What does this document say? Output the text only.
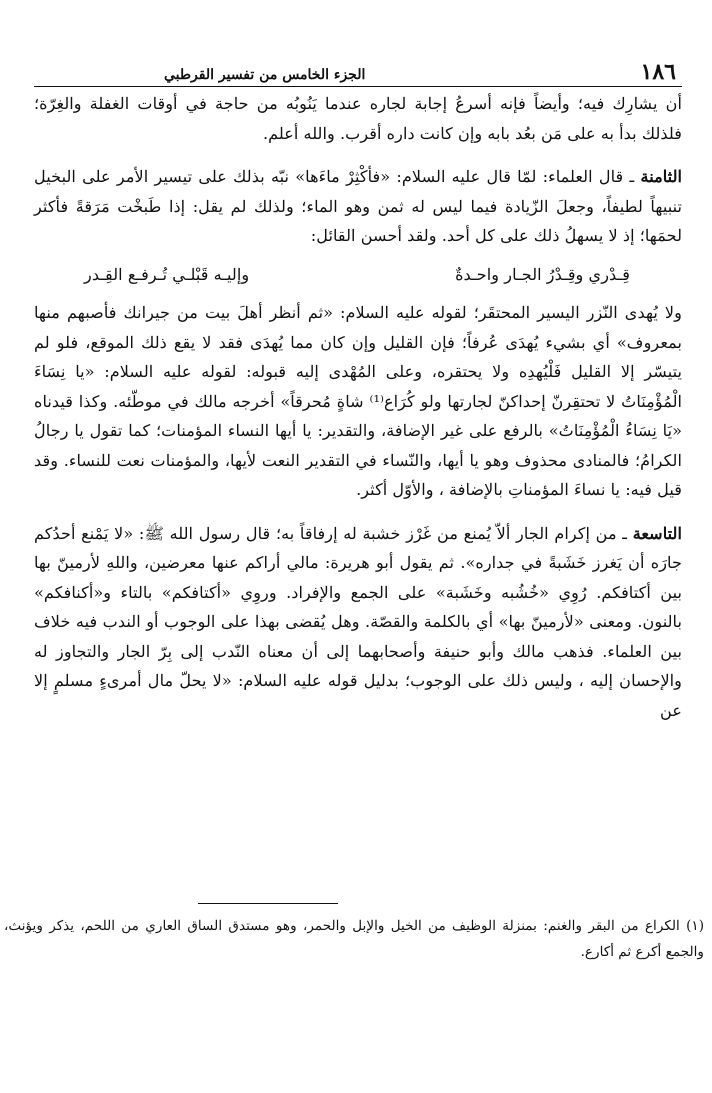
١٨٦
الجزء الخامس من تفسير القرطبي

أن يشارِك فيه؛ وأيضاً فإنه أسرعُ إجابة لجاره عندما يَنُوبُه من حاجة في أوقات الغفلة والغِرّة؛ فلذلك بدأ به على مَن بعُد بابه وإن كانت داره أقرب. والله أعلم.

الثامنة ـ قال العلماء: لمّا قال عليه السلام: «فأكْثِرْ ماءَها» نبّه بذلك على تيسير الأمر على البخيل تنبيهاً لطيفاً، وجعلَ الزّيادة فيما ليس له ثمن وهو الماء؛ ولذلك لم يقل: إذا طَبخْت مَرَقةً فأكثر لحمَها؛ إذ لا يسهلُ ذلك على كل أحد. ولقد أحسن القائل:

قِـدْري وقِـدْرُ الجـار واحـدةٌ
وإليـه قَبْلـي تُـرفـع القِـدر

ولا يُهدى النّزر اليسير المحتقَر؛ لقوله عليه السلام: «ثم أنظر أهلَ بيت من جيرانك فأصبهم منها بمعروف» أي بشيء يُهدَى عُرفاً؛ فإن القليل وإن كان مما يُهدَى فقد لا يقع ذلك الموقع، فلو لم يتيسّر إلا القليل فَلْيُهدِه ولا يحتقره، وعلى المُهْدى إليه قبوله: لقوله عليه السلام: «يا نِسَاءَ الْمُؤْمِنَاتُ لا تحتقِرنّ إحداكنّ لجارتها ولو كُرَاع⁽¹⁾ شاةٍ مُحرقاً» أخرجه مالك في موطّئه. وكذا قيدناه «يَا نِسَاءُ الْمُؤْمِنَاتُ» بالرفع على غير الإضافة، والتقدير: يا أيها النساء المؤمنات؛ كما تقول يا رجالُ الكرامُ؛ فالمنادى محذوف وهو يا أيها، والنّساء في التقدير النعت لأيها، والمؤمنات نعت للنساء. وقد قيل فيه: يا نساءَ المؤمناتِ بالإضافة ، والأوّل أكثر.

التاسعة ـ من إكرام الجار ألاّ يُمنع من غَرْز خشبة له إرفاقاً به؛ قال رسول الله ﷺ: «لا يَمْنع أحدُكم جارَه أن يَغرز خَشَبةً في جداره». ثم يقول أبو هريرة: مالي أراكم عنها معرضين، واللهِ لأرمينّ بها بين أكتافكم. رُوِي «خُشُبه وخَشَبة» على الجمع والإفراد. وروِي «أكتافكم» بالتاء و«أكنافكم» بالنون. ومعنى «لأرمينّ بها» أي بالكلمة والقصّة. وهل يُقضى بهذا على الوجوب أو الندب فيه خلاف بين العلماء. فذهب مالك وأبو حنيفة وأصحابهما إلى أن معناه النّدب إلى بِرّ الجار والتجاوز له والإحسان إليه ، وليس ذلك على الوجوب؛ بدليل قوله عليه السلام: «لا يحلّ مال أمرىءٍ مسلمٍ إلا عن

(١) الكراع من البقر والغنم: بمنزلة الوظيف من الخيل والإبل والحمر، وهو مستدق الساق العاري من اللحم، يذكر ويؤنث، والجمع أكرع ثم أكارع.
